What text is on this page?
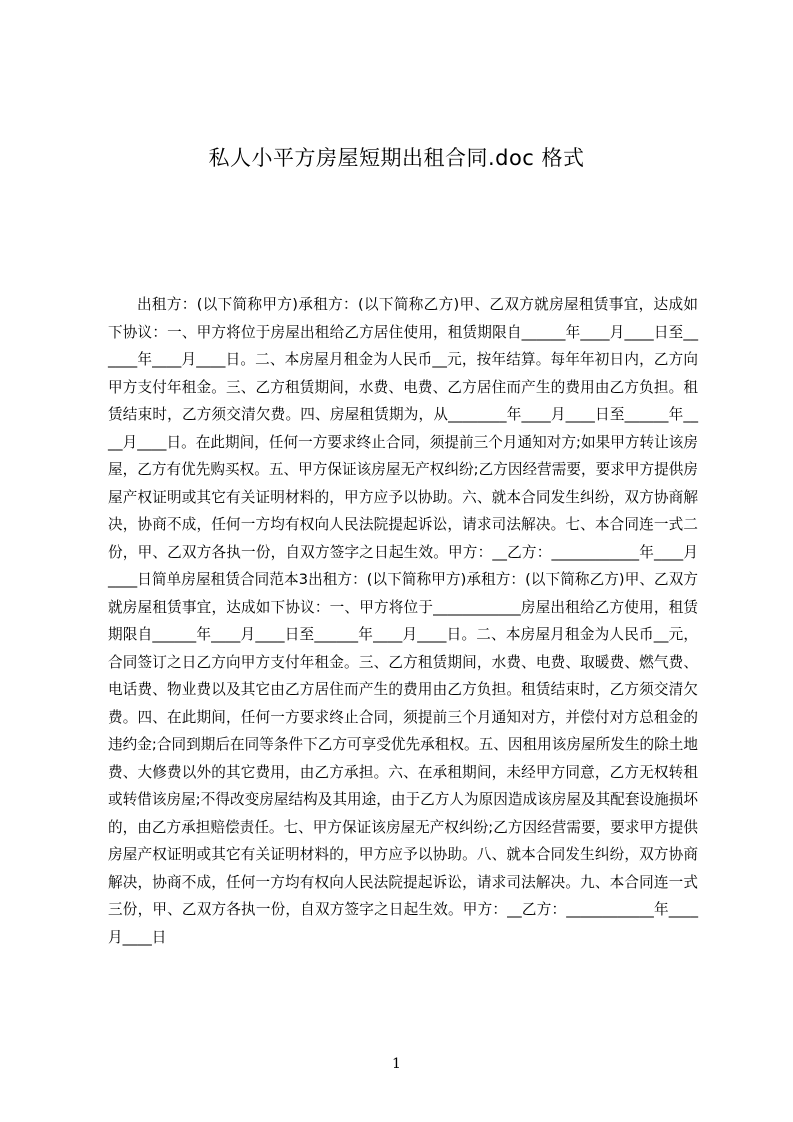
私人小平方房屋短期出租合同.doc 格式

出租方：(以下简称甲方)承租方：(以下简称乙方)甲、乙双方就房屋租赁事宜，达成如下协议：一、甲方将位于房屋出租给乙方居住使用，租赁期限自______年____月____日至______年____月____日。二、本房屋月租金为人民币__元，按年结算。每年年初日内，乙方向甲方支付年租金。三、乙方租赁期间，水费、电费、乙方居住而产生的费用由乙方负担。租赁结束时，乙方须交清欠费。四、房屋租赁期为，从________年____月____日至______年____月____日。在此期间，任何一方要求终止合同，须提前三个月通知对方;如果甲方转让该房屋，乙方有优先购买权。五、甲方保证该房屋无产权纠纷;乙方因经营需要，要求甲方提供房屋产权证明或其它有关证明材料的，甲方应予以协助。六、就本合同发生纠纷，双方协商解决，协商不成，任何一方均有权向人民法院提起诉讼，请求司法解决。七、本合同连一式二份，甲、乙双方各执一份，自双方签字之日起生效。甲方：__乙方：____________年____月____日简单房屋租赁合同范本3出租方：(以下简称甲方)承租方：(以下简称乙方)甲、乙双方就房屋租赁事宜，达成如下协议：一、甲方将位于____________房屋出租给乙方使用，租赁期限自______年____月____日至______年____月____日。二、本房屋月租金为人民币__元，合同签订之日乙方向甲方支付年租金。三、乙方租赁期间，水费、电费、取暖费、燃气费、电话费、物业费以及其它由乙方居住而产生的费用由乙方负担。租赁结束时，乙方须交清欠费。四、在此期间，任何一方要求终止合同，须提前三个月通知对方，并偿付对方总租金的违约金;合同到期后在同等条件下乙方可享受优先承租权。五、因租用该房屋所发生的除土地费、大修费以外的其它费用，由乙方承担。六、在承租期间，未经甲方同意，乙方无权转租或转借该房屋;不得改变房屋结构及其用途，由于乙方人为原因造成该房屋及其配套设施损坏的，由乙方承担赔偿责任。七、甲方保证该房屋无产权纠纷;乙方因经营需要，要求甲方提供房屋产权证明或其它有关证明材料的，甲方应予以协助。八、就本合同发生纠纷，双方协商解决，协商不成，任何一方均有权向人民法院提起诉讼，请求司法解决。九、本合同连一式三份，甲、乙双方各执一份，自双方签字之日起生效。甲方：__乙方：____________年____月____日

1
